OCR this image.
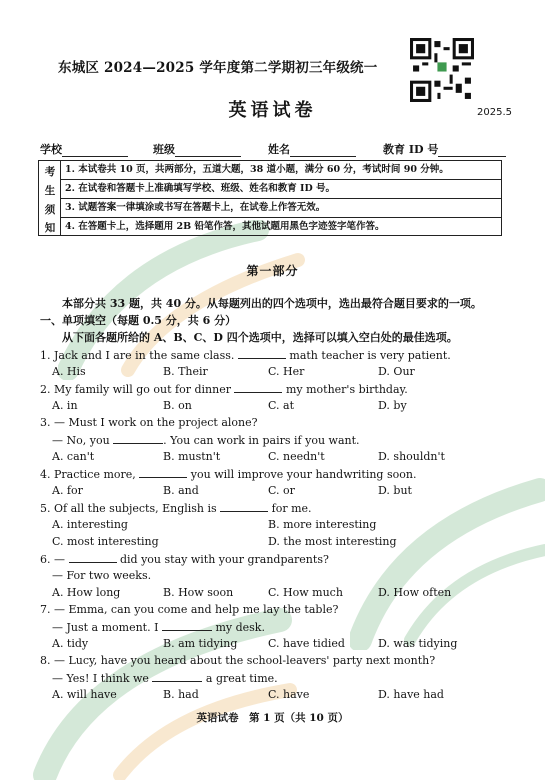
东城区 2024—2025 学年度第二学期初三年级统一
2025.5
英语试卷
学校	班级	姓名	教育 ID 号
考
生
须
知
1. 本试卷共 10 页，共两部分，五道大题，38 道小题，满分 60 分，考试时间 90 分钟。
2. 在试卷和答题卡上准确填写学校、班级、姓名和教育 ID 号。
3. 试题答案一律填涂或书写在答题卡上，在试卷上作答无效。
4. 在答题卡上，选择题用 2B 铅笔作答，其他试题用黑色字迹签字笔作答。
第一部分
本部分共 33 题，共 40 分。从每题列出的四个选项中，选出最符合题目要求的一项。
一、单项填空（每题 0.5 分，共 6 分）
从下面各题所给的 A、B、C、D 四个选项中，选择可以填入空白处的最佳选项。
1. Jack and I are in the same class.	math teacher is very patient.
A. His	B. Their	C. Her	D. Our
2. My family will go out for dinner	my mother's birthday.
A. in	B. on	C. at	D. by
3. — Must I work on the project alone?
— No, you	. You can work in pairs if you want.
A. can't	B. mustn't	C. needn't	D. shouldn't
4. Practice more,	you will improve your handwriting soon.
A. for	B. and	C. or	D. but
5. Of all the subjects, English is	for me.
A. interesting	B. more interesting
C. most interesting	D. the most interesting
6. —	did you stay with your grandparents?
— For two weeks.
A. How long	B. How soon	C. How much	D. How often
7. — Emma, can you come and help me lay the table?
— Just a moment. I	my desk.
A. tidy	B. am tidying	C. have tidied	D. was tidying
8. — Lucy, have you heard about the school-leavers' party next month?
— Yes! I think we	a great time.
A. will have	B. had	C. have	D. have had
英语试卷　第 1 页（共 10 页）
